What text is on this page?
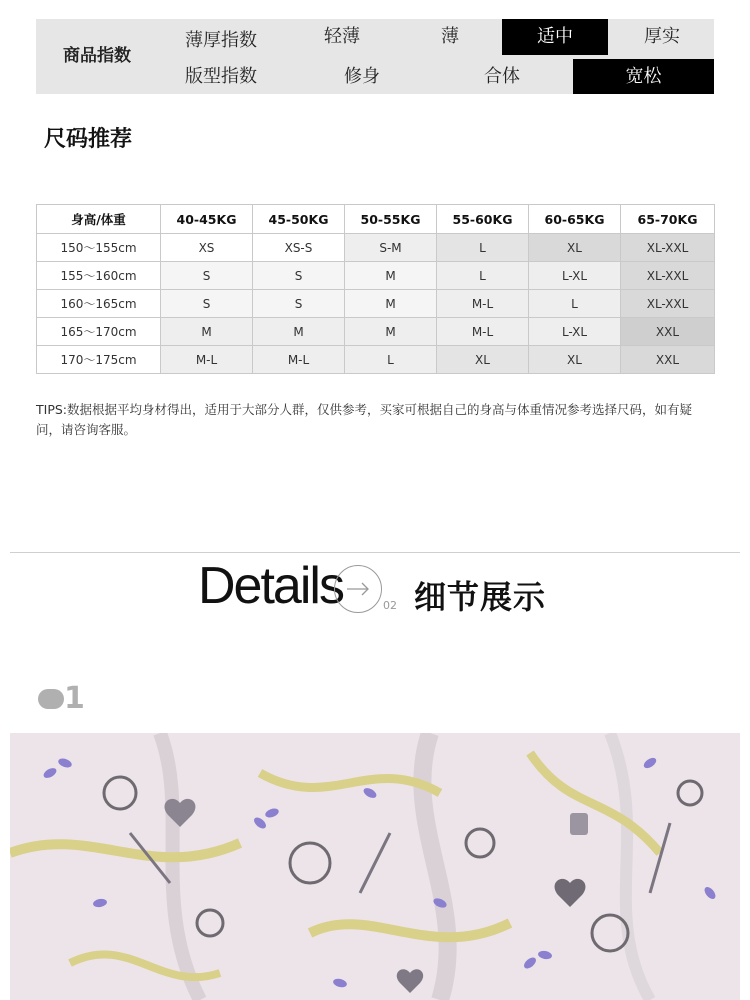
商品指数
薄厚指数	轻薄	薄	适中	厚实
版型指数	修身	合体	宽松
尺码推荐
身高/体重	40-45KG	45-50KG	50-55KG	55-60KG	60-65KG	65-70KG
150～155cm	XS	XS-S	S-M	L	XL	XL-XXL
155～160cm	S	S	M	L	L-XL	XL-XXL
160～165cm	S	S	M	M-L	L	XL-XXL
165～170cm	M	M	M	M-L	L-XL	XXL
170～175cm	M-L	M-L	L	XL	XL	XXL
TIPS:数据根据平均身材得出，适用于大部分人群，仅供参考，买家可根据自己的身高与体重情况参考选择尺码，如有疑问，请咨询客服。
Details	02 细节展示
1
